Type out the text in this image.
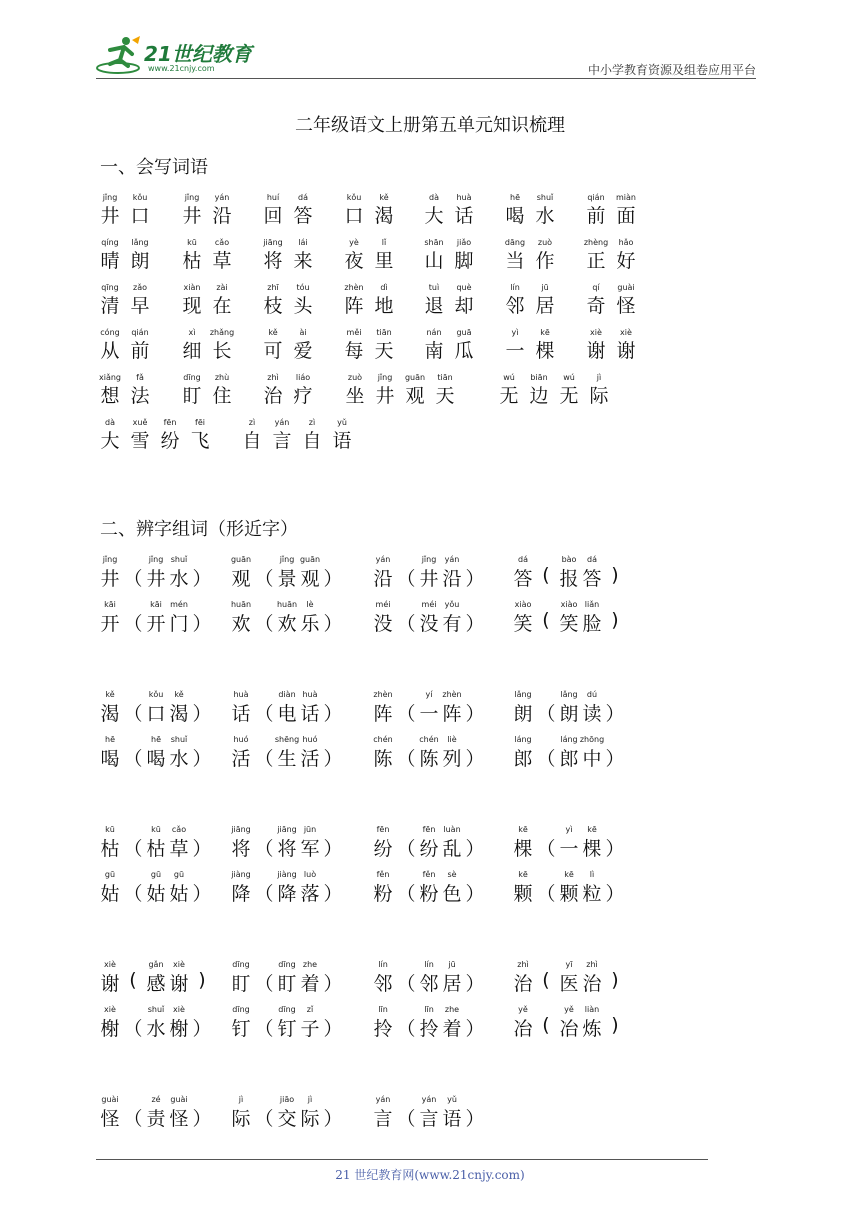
21世纪教育
www.21cnjy.com	中小学教育资源及组卷应用平台
二年级语文上册第五单元知识梳理
一、会写词语
jǐng
井
kǒu
口
jǐng
井
yán
沿
huí
回
dá
答
kǒu
口
kě
渴
dà
大
huà
话
hē
喝
shuǐ
水
qián
前
miàn
面
qíng
晴
lǎng
朗
kū
枯
cǎo
草
jiāng
将
lái
来
yè
夜
lǐ
里
shān
山
jiǎo
脚
dāng
当
zuò
作
zhèng
正
hǎo
好
qīng
清
zǎo
早
xiàn
现
zài
在
zhī
枝
tóu
头
zhèn
阵
dì
地
tuì
退
què
却
lín
邻
jū
居
qí
奇
guài
怪
cóng
从
qián
前
xì
细
zhǎng
长
kě
可
ài
爱
měi
每
tiān
天
nán
南
guā
瓜
yì
一
kē
棵
xiè
谢
xiè
谢
xiǎng
想
fǎ
法
dīng
盯
zhù
住
zhì
治
liáo
疗
zuò
坐
jǐng
井
guān
观
tiān
天
wú
无
biān
边
wú
无
jì
际
dà
大
xuě
雪
fēn
纷
fēi
飞
zì
自
yán
言
zì
自
yǔ
语
二、辨字组词（形近字）
jǐng
井 （
jǐng
井
shuǐ
水 ）
guān
观 （
jǐng
景
guān
观 ）
yán
沿 （
jǐng
井
yán
沿 ）
dá
答 (
bào
报
dá
答 )
kāi
开 （
kāi
开
mén
门 ）
huān
欢 （
huān
欢
lè
乐 ）
méi
没 （
méi
没
yǒu
有 ）
xiào
笑 (
xiào
笑
liǎn
脸 )
kě
渴 （
kǒu
口
kě
渴 ）
huà
话 （
diàn
电
huà
话 ）
zhèn
阵 （
yí
一
zhèn
阵 ）
lǎng
朗 （
lǎng
朗
dú
读 ）
hē
喝 （
hē
喝
shuǐ
水 ）
huó
活 （
shēng
生
huó
活 ）
chén
陈 （
chén
陈
liè
列 ）
láng
郎 （
láng
郎
zhōng
中 ）
kū
枯 （
kū
枯
cǎo
草 ）
jiāng
将 （
jiāng
将
jūn
军 ）
fēn
纷 （
fēn
纷
luàn
乱 ）
kē
棵 （
yì
一
kē
棵 ）
gū
姑 （
gū
姑
gū
姑 ）
jiàng
降 （
jiàng
降
luò
落 ）
fěn
粉 （
fěn
粉
sè
色 ）
kē
颗 （
kē
颗
lì
粒 ）
xiè
谢 (
gǎn
感
xiè
谢 )
dīng
盯 （
dīng
盯
zhe
着 ）
lín
邻 （
lín
邻
jū
居 ）
zhì
治 (
yī
医
zhì
治 )
xiè
榭 （
shuǐ
水
xiè
榭 ）
dīng
钉 （
dīng
钉
zǐ
子 ）
līn
拎 （
līn
拎
zhe
着 ）
yě
冶 (
yě
冶
liàn
炼 )
guài
怪 （
zé
责
guài
怪 ）
jì
际 （
jiāo
交
jì
际 ）
yán
言 （
yán
言
yǔ
语 ）
21 世纪教育网(www.21cnjy.com)
